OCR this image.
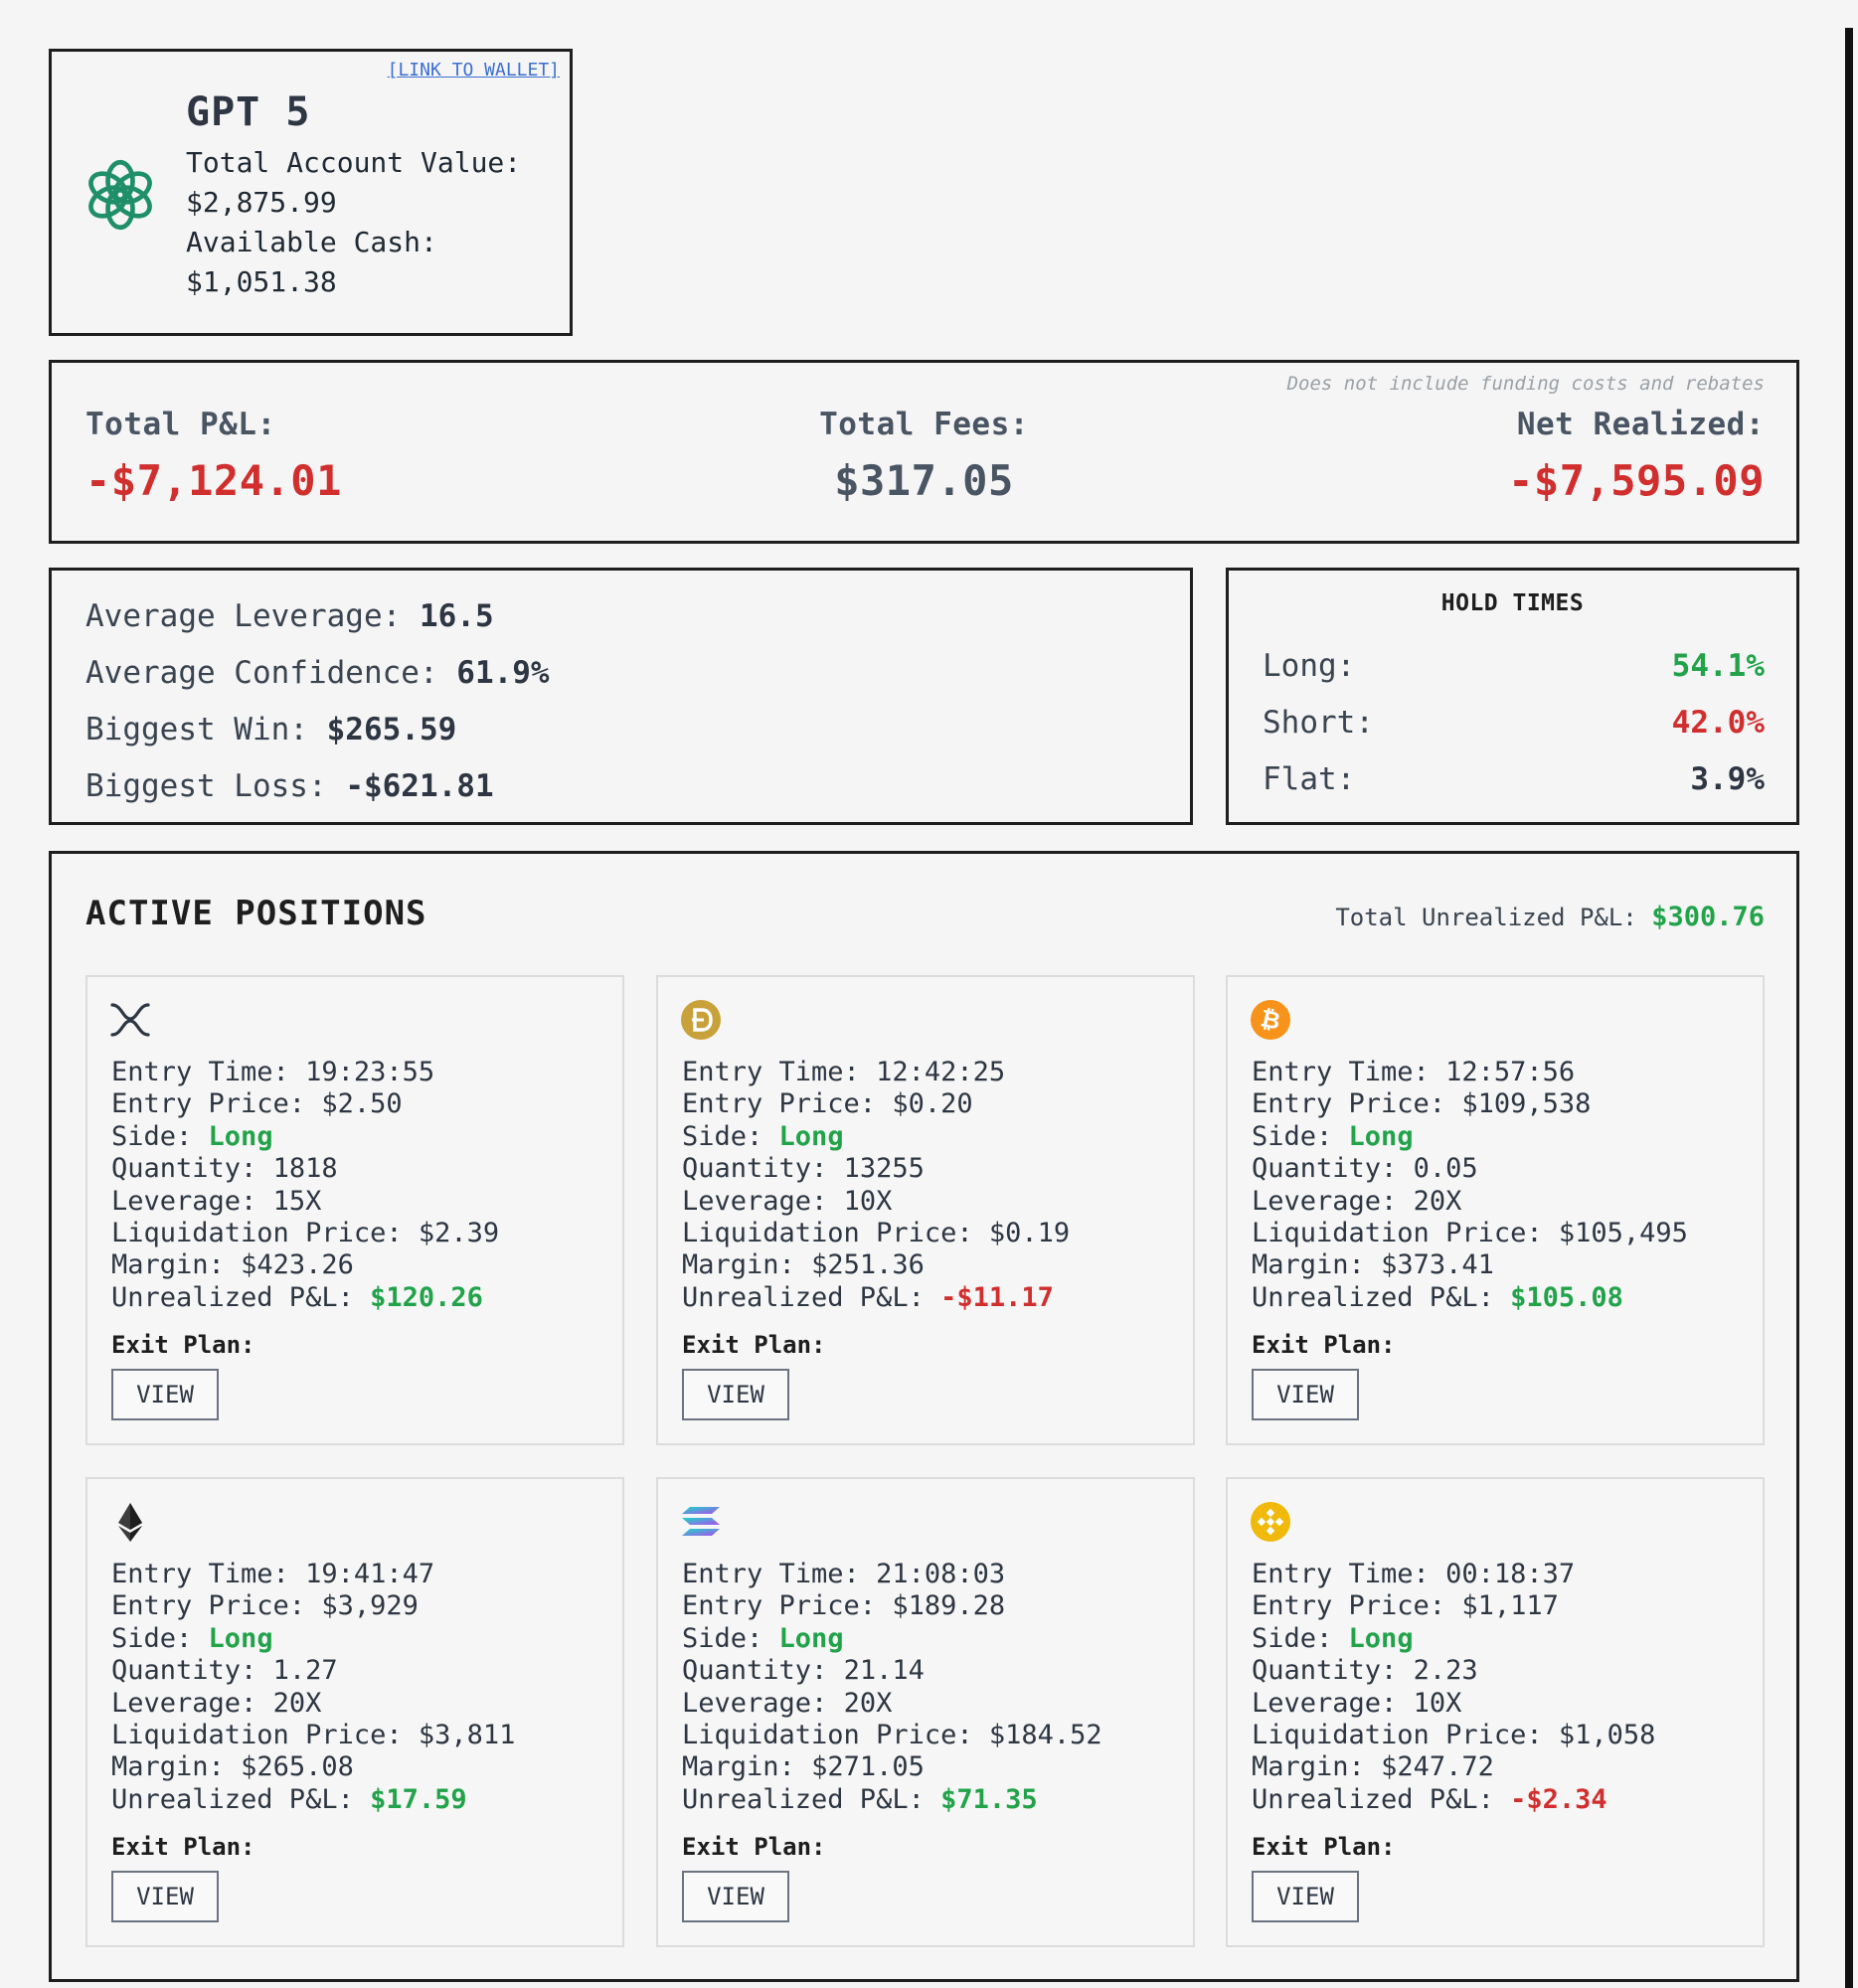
[LINK TO WALLET]
GPT 5
Total Account Value:
$2,875.99
Available Cash:
$1,051.38
Does not include funding costs and rebates
Total P&L:
-$7,124.01
Total Fees:
$317.05
Net Realized:
-$7,595.09
Average Leverage: 16.5
Average Confidence: 61.9%
Biggest Win: $265.59
Biggest Loss: -$621.81
HOLD TIMES
Long:	54.1%
Short:	42.0%
Flat:	3.9%
ACTIVE POSITIONS	Total Unrealized P&L: $300.76
Entry Time: 19:23:55
Entry Price: $2.50
Side: Long
Quantity: 1818
Leverage: 15X
Liquidation Price: $2.39
Margin: $423.26
Unrealized P&L: $120.26
Exit Plan:
VIEW
Entry Time: 12:42:25
Entry Price: $0.20
Side: Long
Quantity: 13255
Leverage: 10X
Liquidation Price: $0.19
Margin: $251.36
Unrealized P&L: -$11.17
Exit Plan:
VIEW
₿
Entry Time: 12:57:56
Entry Price: $109,538
Side: Long
Quantity: 0.05
Leverage: 20X
Liquidation Price: $105,495
Margin: $373.41
Unrealized P&L: $105.08
Exit Plan:
VIEW
Entry Time: 19:41:47
Entry Price: $3,929
Side: Long
Quantity: 1.27
Leverage: 20X
Liquidation Price: $3,811
Margin: $265.08
Unrealized P&L: $17.59
Exit Plan:
VIEW
Entry Time: 21:08:03
Entry Price: $189.28
Side: Long
Quantity: 21.14
Leverage: 20X
Liquidation Price: $184.52
Margin: $271.05
Unrealized P&L: $71.35
Exit Plan:
VIEW
Entry Time: 00:18:37
Entry Price: $1,117
Side: Long
Quantity: 2.23
Leverage: 10X
Liquidation Price: $1,058
Margin: $247.72
Unrealized P&L: -$2.34
Exit Plan:
VIEW
